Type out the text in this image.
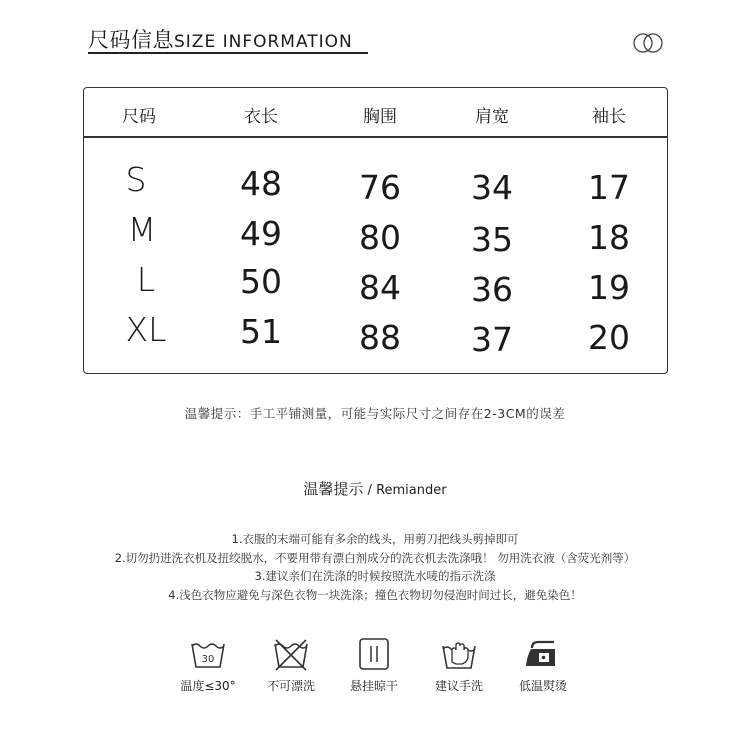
尺码信息SIZE INFORMATION
尺码	衣长	胸围	肩宽	袖长
S	48 76 34 17
M	49 80 35 18
L	50 84 36 19
XL 51 88 37 20
温馨提示：手工平铺测量，可能与实际尺寸之间存在2-3CM的误差
温馨提示 / Remiander
1.衣服的末端可能有多余的线头，用剪刀把线头剪掉即可
2.切勿扔进洗衣机及扭绞脱水，不要用带有漂白剂成分的洗衣机去洗涤哦！ 勿用洗衣液（含荧光剂等）
3.建议亲们在洗涤的时候按照洗水唛的指示洗涤
4.浅色衣物应避免与深色衣物一块洗涤；撞色衣物切勿侵泡时间过长，避免染色！
30
温度≤30°	不可漂洗	悬挂晾干	建议手洗	低温熨烫
